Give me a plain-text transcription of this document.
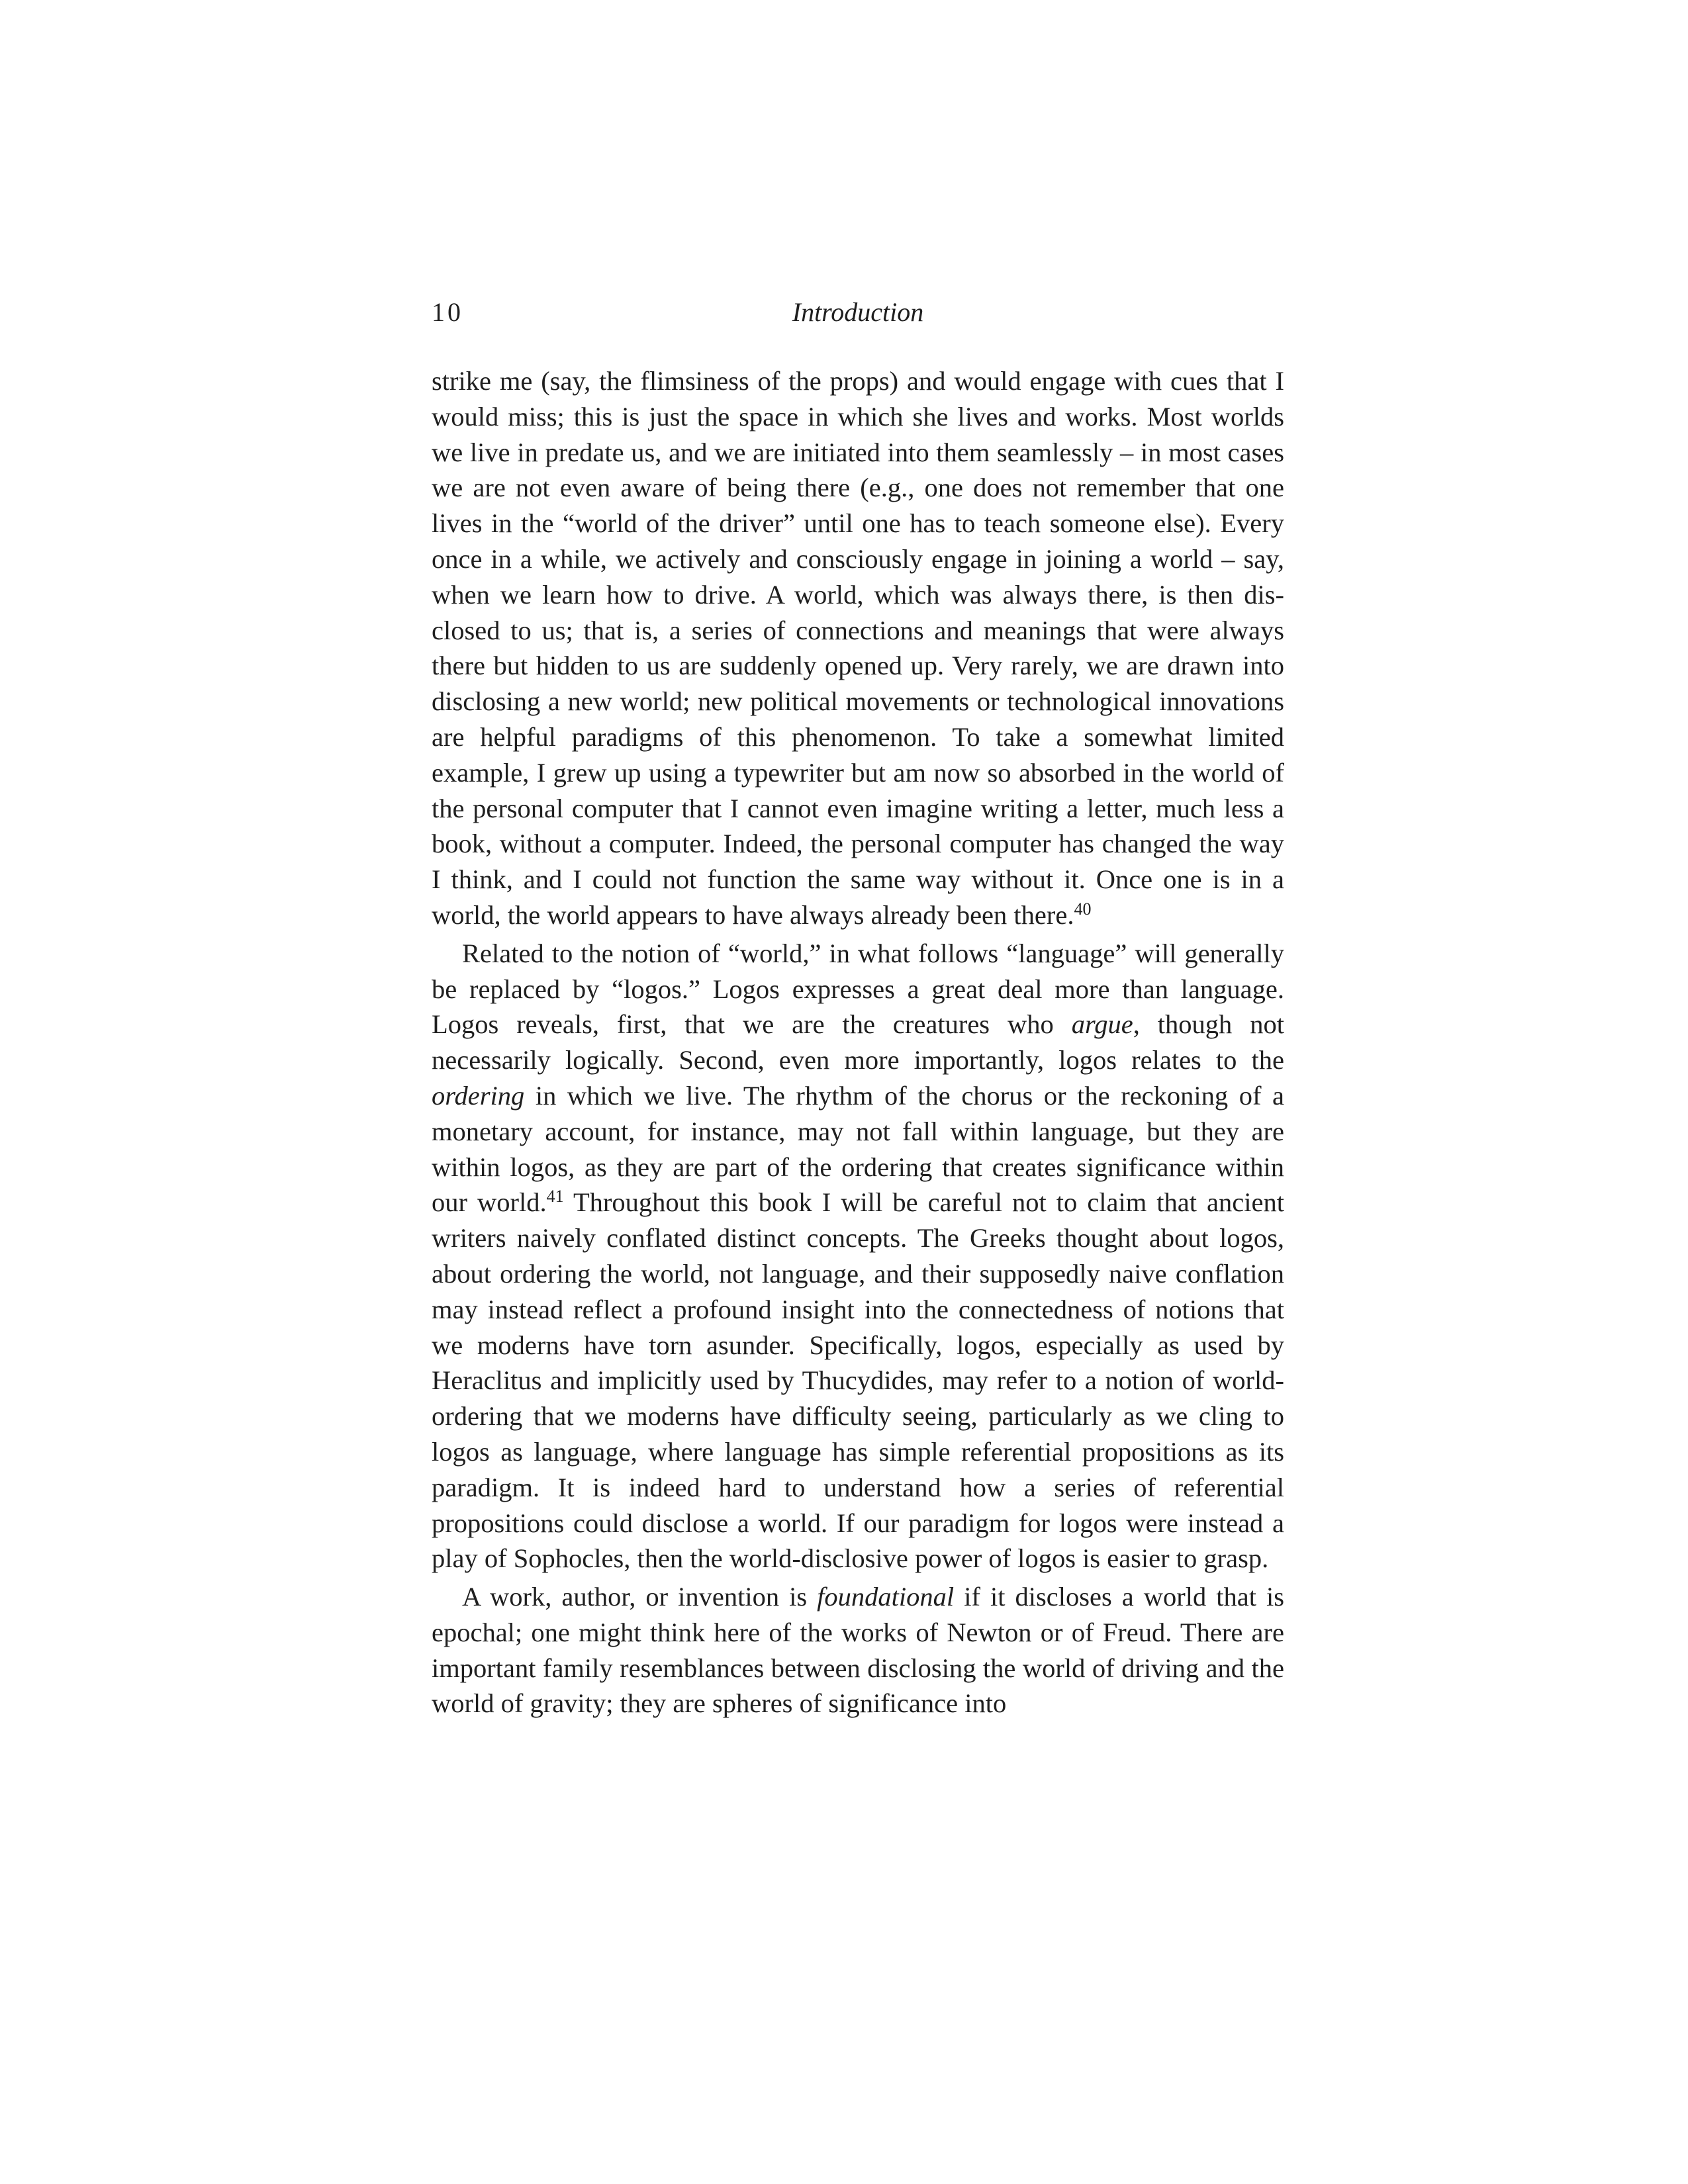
10	Introduction

strike me (say, the flimsiness of the props) and would engage with cues that I would miss; this is just the space in which she lives and works. Most worlds we live in predate us, and we are initiated into them seamlessly – in most cases we are not even aware of being there (e.g., one does not remember that one lives in the “world of the driver” until one has to teach someone else). Every once in a while, we actively and consciously engage in joining a world – say, when we learn how to drive. A world, which was always there, is then dis-closed to us; that is, a series of connections and meanings that were always there but hidden to us are suddenly opened up. Very rarely, we are drawn into disclosing a new world; new political movements or technological innovations are helpful paradigms of this phenomenon. To take a somewhat limited example, I grew up using a typewriter but am now so absorbed in the world of the personal computer that I cannot even imagine writing a letter, much less a book, without a computer. Indeed, the personal computer has changed the way I think, and I could not function the same way without it. Once one is in a world, the world appears to have always already been there.$^{40}$

Related to the notion of “world,” in what follows “language” will generally be replaced by “logos.” Logos expresses a great deal more than language. Logos reveals, first, that we are the creatures who argue, though not necessarily logically. Second, even more importantly, logos relates to the ordering in which we live. The rhythm of the chorus or the reckoning of a monetary account, for instance, may not fall within language, but they are within logos, as they are part of the ordering that creates significance within our world.$^{41}$ Throughout this book I will be careful not to claim that ancient writers naively conflated distinct concepts. The Greeks thought about logos, about ordering the world, not language, and their supposedly naive conflation may instead reflect a profound insight into the connectedness of notions that we moderns have torn asunder. Specifically, logos, especially as used by Heraclitus and implicitly used by Thucydides, may refer to a notion of world-ordering that we moderns have difficulty seeing, particularly as we cling to logos as language, where language has simple referential propositions as its paradigm. It is indeed hard to understand how a series of referential propositions could disclose a world. If our paradigm for logos were instead a play of Sophocles, then the world-disclosive power of logos is easier to grasp.

A work, author, or invention is foundational if it discloses a world that is epochal; one might think here of the works of Newton or of Freud. There are important family resemblances between disclosing the world of driving and the world of gravity; they are spheres of significance into
